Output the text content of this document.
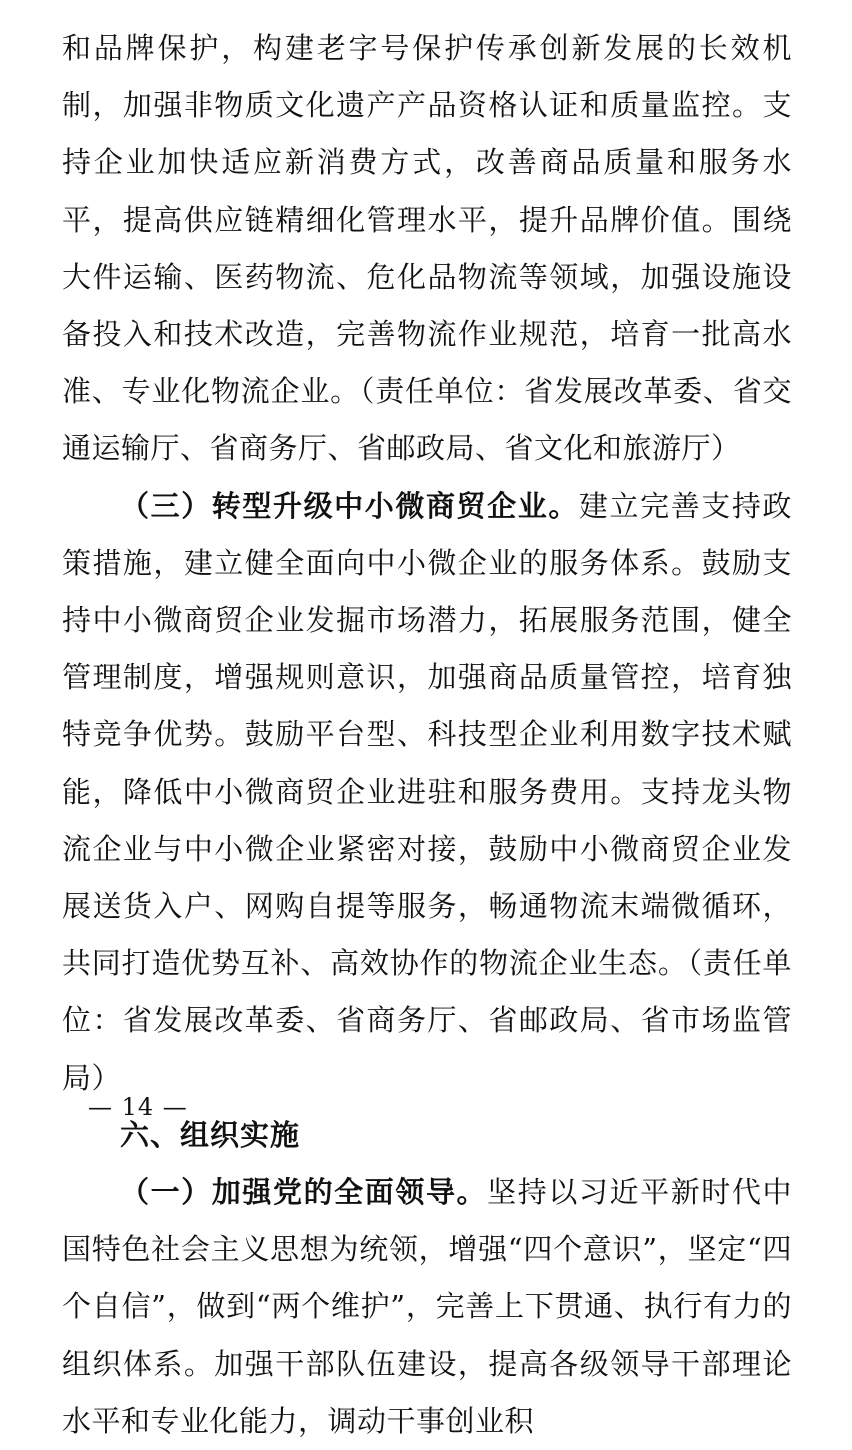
和品牌保护，构建老字号保护传承创新发展的长效机制，加强非物质文化遗产产品资格认证和质量监控。支持企业加快适应新消费方式，改善商品质量和服务水平，提高供应链精细化管理水平，提升品牌价值。围绕大件运输、医药物流、危化品物流等领域，加强设施设备投入和技术改造，完善物流作业规范，培育一批高水准、专业化物流企业。（责任单位：省发展改革委、省交通运输厅、省商务厅、省邮政局、省文化和旅游厅）

（三）转型升级中小微商贸企业。建立完善支持政策措施，建立健全面向中小微企业的服务体系。鼓励支持中小微商贸企业发掘市场潜力，拓展服务范围，健全管理制度，增强规则意识，加强商品质量管控，培育独特竞争优势。鼓励平台型、科技型企业利用数字技术赋能，降低中小微商贸企业进驻和服务费用。支持龙头物流企业与中小微企业紧密对接，鼓励中小微商贸企业发展送货入户、网购自提等服务，畅通物流末端微循环，共同打造优势互补、高效协作的物流企业生态。（责任单位：省发展改革委、省商务厅、省邮政局、省市场监管局）

六、组织实施

（一）加强党的全面领导。坚持以习近平新时代中国特色社会主义思想为统领，增强“四个意识”，坚定“四个自信”，做到“两个维护”，完善上下贯通、执行有力的组织体系。加强干部队伍建设，提高各级领导干部理论水平和专业化能力，调动干事创业积

— 14 —
